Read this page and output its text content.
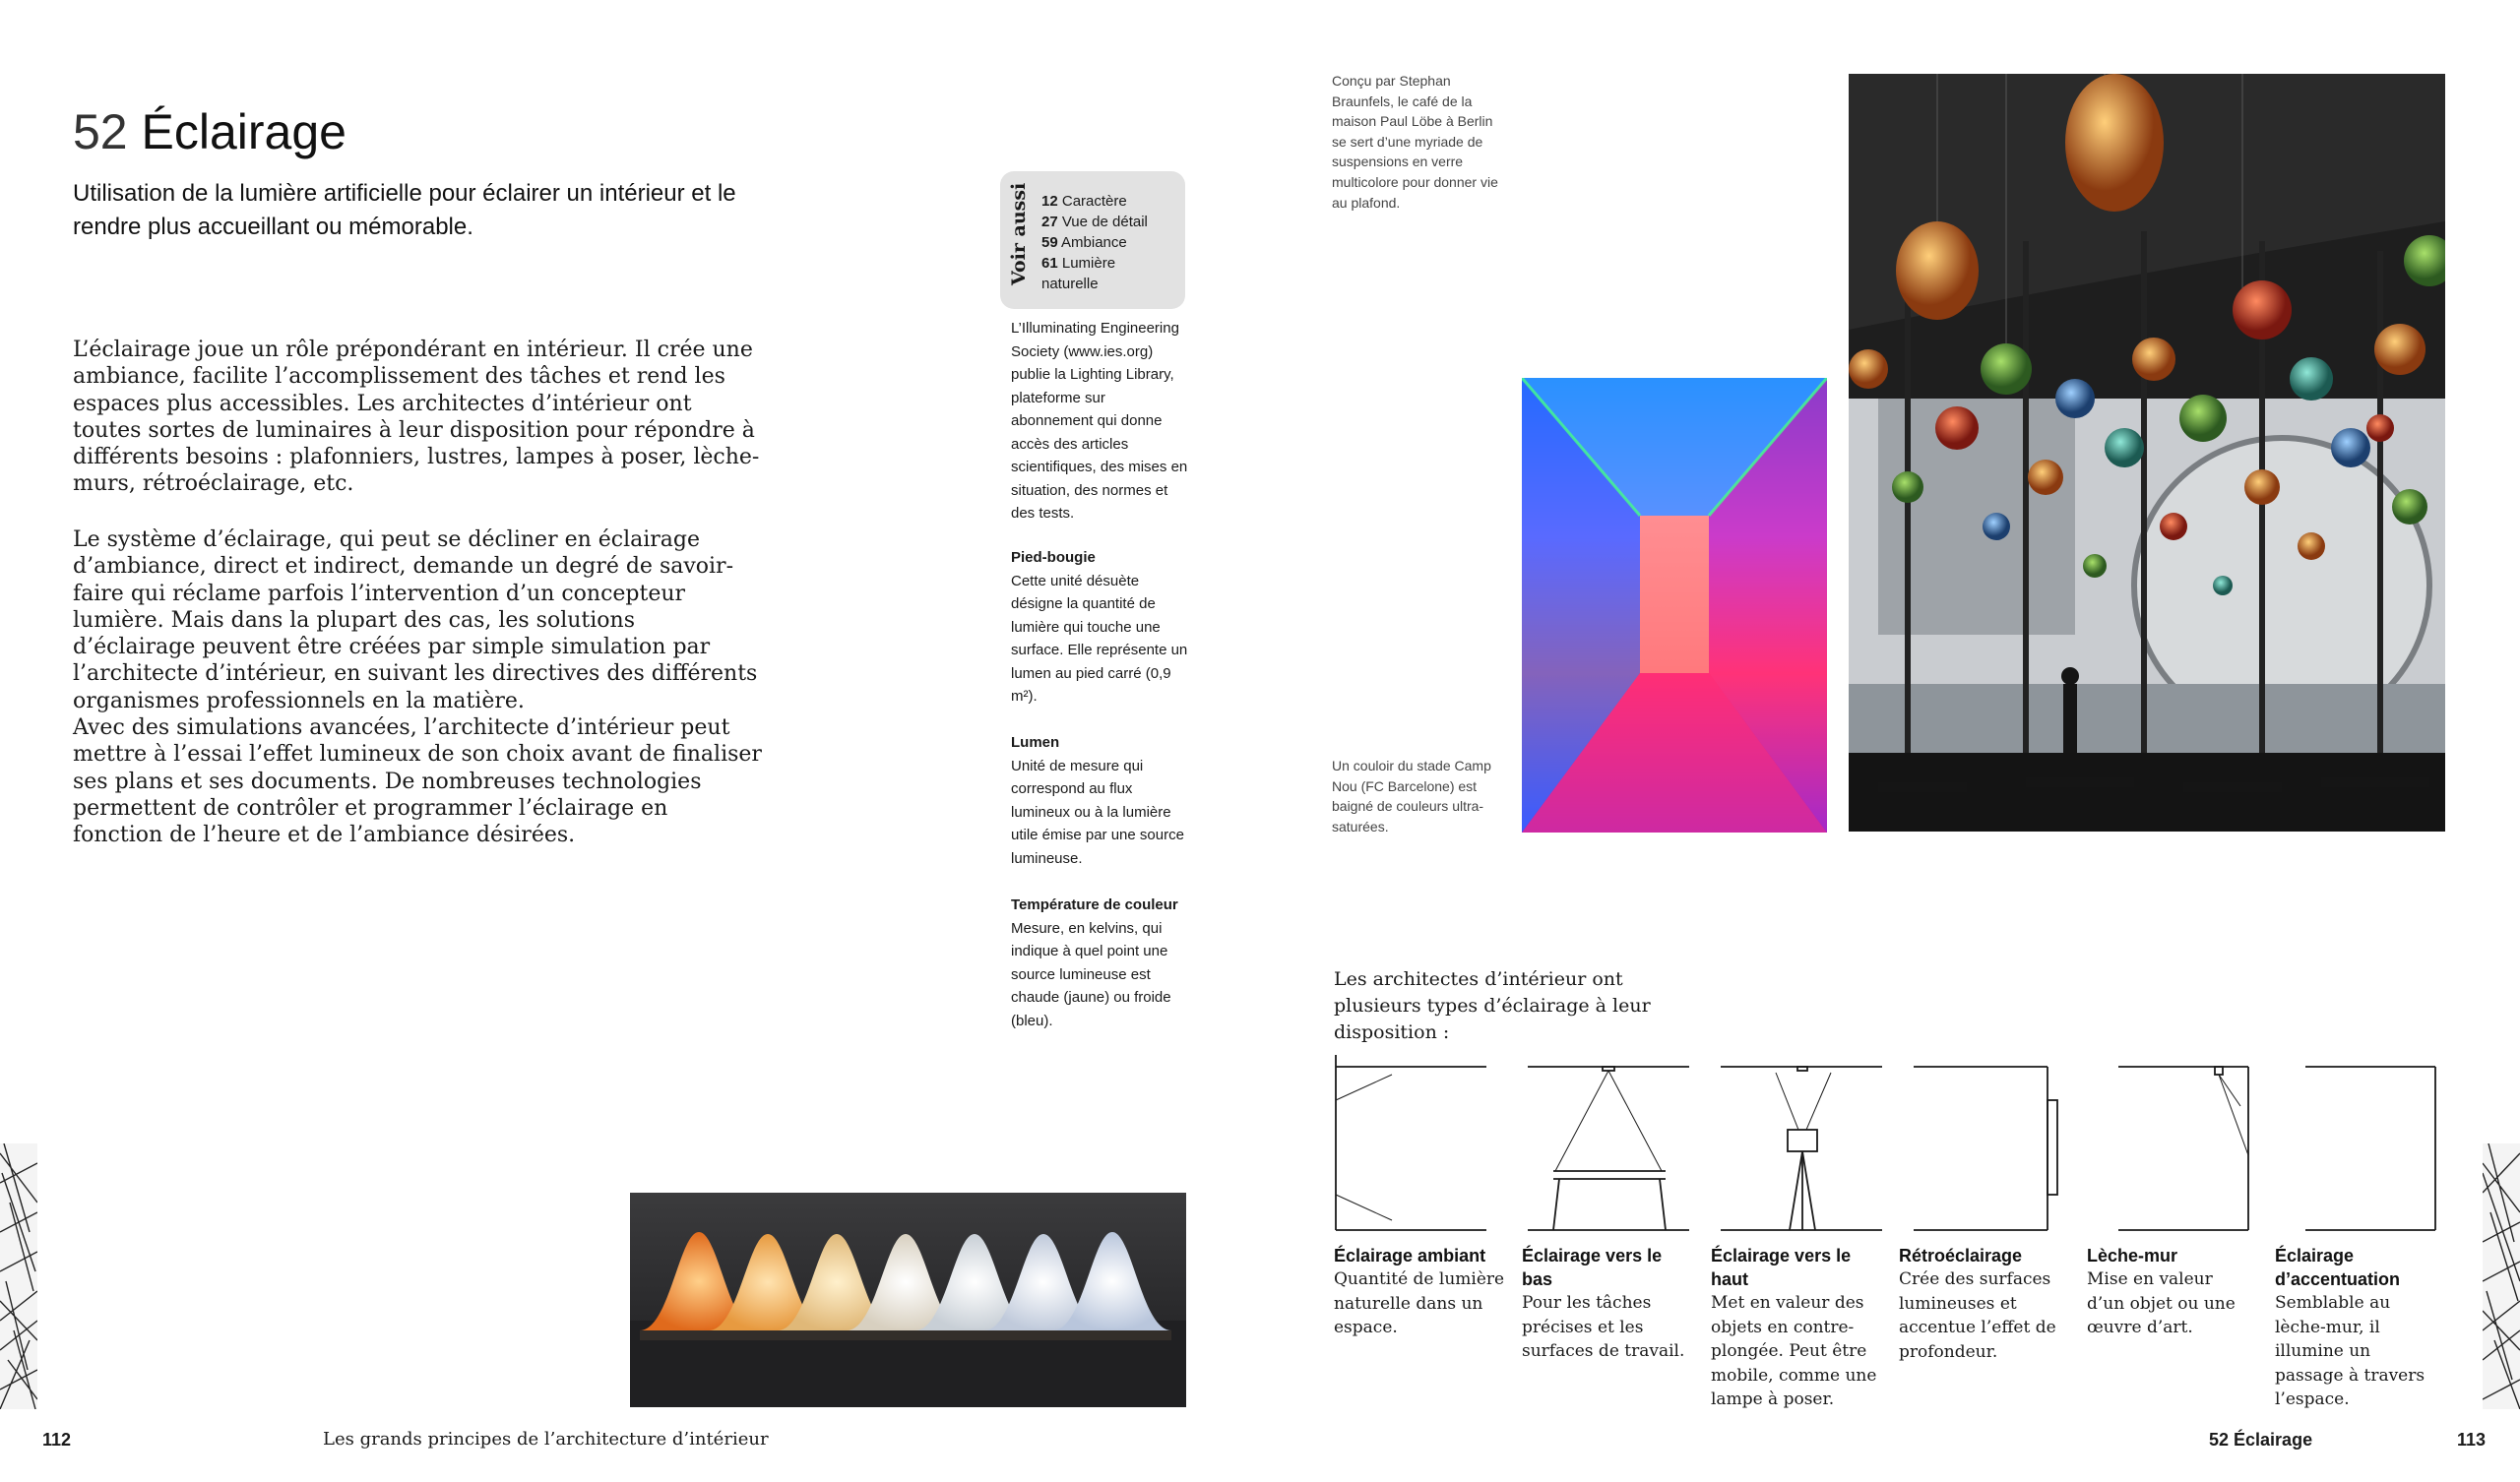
52 Éclairage
Utilisation de la lumière artificielle pour éclairer un intérieur et le rendre plus accueillant ou mémorable.

L’éclairage joue un rôle prépondérant en intérieur. Il crée une ambiance, facilite l’accomplissement des tâches et rend les espaces plus accessibles. Les architectes d’intérieur ont toutes sortes de luminaires à leur disposition pour répondre à différents besoins : plafonniers, lustres, lampes à poser, lèche-murs, rétroéclairage, etc.

Le système d’éclairage, qui peut se décliner en éclairage d’ambiance, direct et indirect, demande un degré de savoir-faire qui réclame parfois l’intervention d’un concepteur lumière. Mais dans la plupart des cas, les solutions d’éclairage peuvent être créées par simple simulation par l’architecte d’intérieur, en suivant les directives des différents organismes professionnels en la matière.

Avec des simulations avancées, l’architecte d’intérieur peut mettre à l’essai l’effet lumineux de son choix avant de finaliser ses plans et ses documents. De nombreuses technologies permettent de contrôler et programmer l’éclairage en fonction de l’heure et de l’ambiance désirées.

Voir aussi 12 Caractère
27 Vue de détail
59 Ambiance
61 Lumière naturelle

L’Illuminating Engineering Society (www.ies.org) publie la Lighting Library, plateforme sur abonnement qui donne accès des articles scientifiques, des mises en situation, des normes et des tests.

Pied-bougie
Cette unité désuète désigne la quantité de lumière qui touche une surface. Elle représente un lumen au pied carré (0,9 m²).
Lumen
Unité de mesure qui correspond au flux lumineux ou à la lumière utile émise par une source lumineuse.
Température de couleur
Mesure, en kelvins, qui indique à quel point une source lumineuse est chaude (jaune) ou froide (bleu).
112	Les grands principes de l’architecture d’intérieur

Conçu par Stephan Braunfels, le café de la maison Paul Löbe à Berlin se sert d’une myriade de suspensions en verre multicolore pour donner vie au plafond.

Un couloir du stade Camp Nou (FC Barcelone) est baigné de couleurs ultra-saturées.

Les architectes d’intérieur ont plusieurs types d’éclairage à leur disposition :

Éclairage ambiant
Quantité de lumière naturelle dans un espace.
Éclairage vers le bas
Pour les tâches précises et les surfaces de travail.
Éclairage vers le haut
Met en valeur des objets en contre-plongée. Peut être mobile, comme une lampe à poser.
Rétroéclairage
Crée des surfaces lumineuses et accentue l’effet de profondeur.
Lèche-mur
Mise en valeur d’un objet ou une œuvre d’art.
Éclairage d’accentuation
Semblable au lèche-mur, il illumine un passage à travers l’espace.
52 Éclairage	113
